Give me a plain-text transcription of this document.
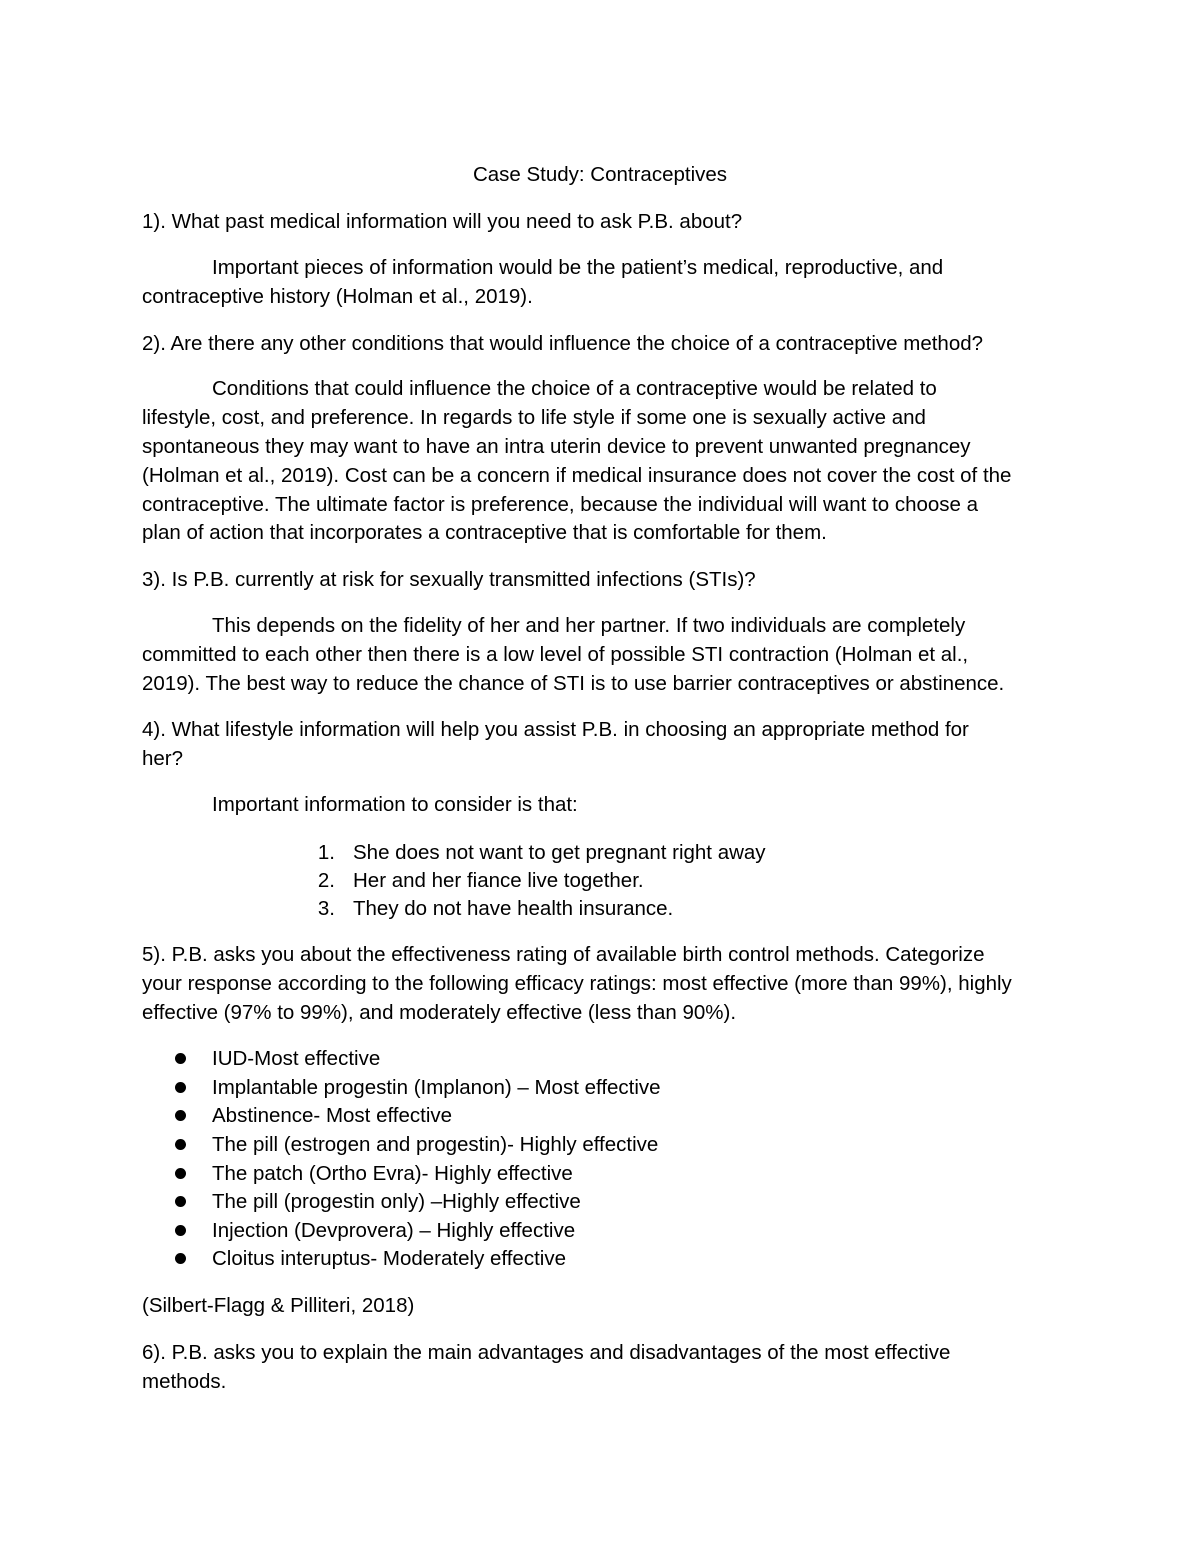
Case Study: Contraceptives
1). What past medical information will you need to ask P.B. about?
Important pieces of information would be the patient’s medical, reproductive, and
contraceptive history (Holman et al., 2019).
2). Are there any other conditions that would influence the choice of a contraceptive method?
Conditions that could influence the choice of a contraceptive would be related to
lifestyle, cost, and preference. In regards to life style if some one is sexually active and
spontaneous they may want to have an intra uterin device to prevent unwanted pregnancey
(Holman et al., 2019). Cost can be a concern if medical insurance does not cover the cost of the
contraceptive. The ultimate factor is preference, because the individual will want to choose a
plan of action that incorporates a contraceptive that is comfortable for them.
3). Is P.B. currently at risk for sexually transmitted infections (STIs)?
This depends on the fidelity of her and her partner. If two individuals are completely
committed to each other then there is a low level of possible STI contraction (Holman et al.,
2019). The best way to reduce the chance of STI is to use barrier contraceptives or abstinence.
4). What lifestyle information will help you assist P.B. in choosing an appropriate method for
her?
Important information to consider is that:
1. She does not want to get pregnant right away
2. Her and her fiance live together.
3. They do not have health insurance.
5). P.B. asks you about the effectiveness rating of available birth control methods. Categorize
your response according to the following efficacy ratings: most effective (more than 99%), highly
effective (97% to 99%), and moderately effective (less than 90%).
IUD-Most effective
Implantable progestin (Implanon) – Most effective
Abstinence- Most effective
The pill (estrogen and progestin)- Highly effective
The patch (Ortho Evra)- Highly effective
The pill (progestin only) –Highly effective
Injection (Devprovera) – Highly effective
Cloitus interuptus- Moderately effective
(Silbert-Flagg & Pilliteri, 2018)
6). P.B. asks you to explain the main advantages and disadvantages of the most effective
methods.
